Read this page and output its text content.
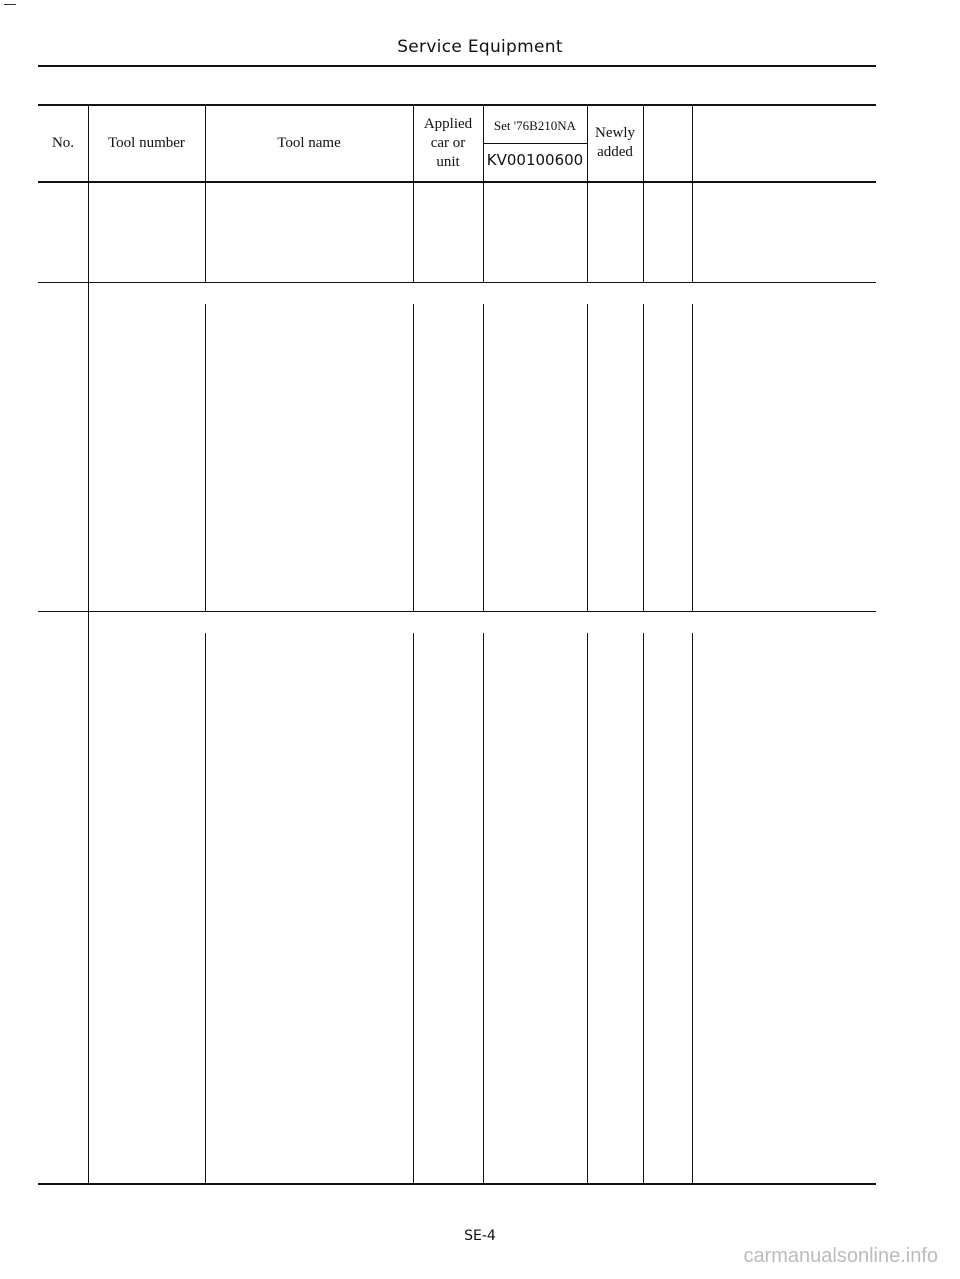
Service Equipment
No.	Tool number	Tool name
Applied
car or
unit
Set '76B210NA
KV00100600
Newly
added
SE-4
carmanualsonline.info
